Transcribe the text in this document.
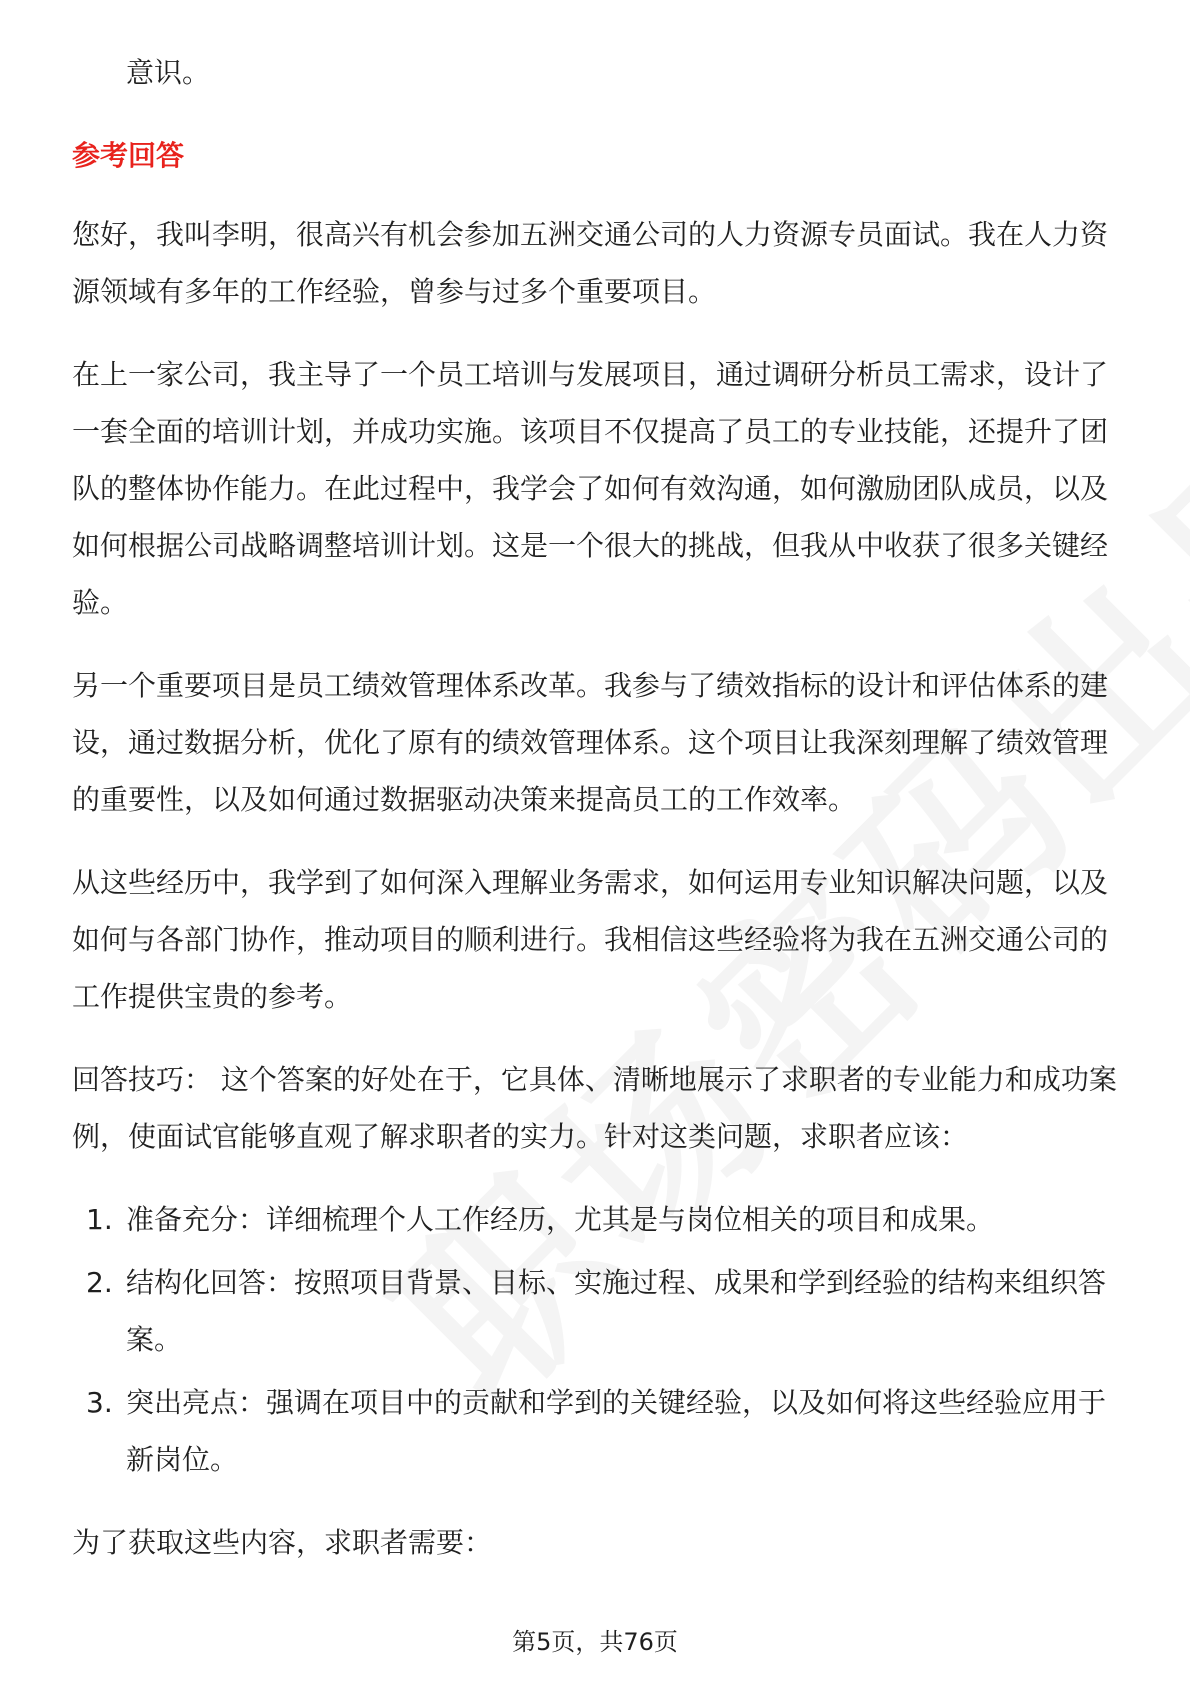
意识。

参考回答

您好，我叫李明，很高兴有机会参加五洲交通公司的人力资源专员面试。我在人力资源领域有多年的工作经验，曾参与过多个重要项目。

在上一家公司，我主导了一个员工培训与发展项目，通过调研分析员工需求，设计了一套全面的培训计划，并成功实施。该项目不仅提高了员工的专业技能，还提升了团队的整体协作能力。在此过程中，我学会了如何有效沟通，如何激励团队成员，以及如何根据公司战略调整培训计划。这是一个很大的挑战，但我从中收获了很多关键经验。

另一个重要项目是员工绩效管理体系改革。我参与了绩效指标的设计和评估体系的建设，通过数据分析，优化了原有的绩效管理体系。这个项目让我深刻理解了绩效管理的重要性，以及如何通过数据驱动决策来提高员工的工作效率。

从这些经历中，我学到了如何深入理解业务需求，如何运用专业知识解决问题，以及如何与各部门协作，推动项目的顺利进行。我相信这些经验将为我在五洲交通公司的工作提供宝贵的参考。

回答技巧： 这个答案的好处在于，它具体、清晰地展示了求职者的专业能力和成功案例，使面试官能够直观了解求职者的实力。针对这类问题，求职者应该：

1. 准备充分：详细梳理个人工作经历，尤其是与岗位相关的项目和成果。
2. 结构化回答：按照项目背景、目标、实施过程、成果和学到经验的结构来组织答案。
3. 突出亮点：强调在项目中的贡献和学到的关键经验，以及如何将这些经验应用于新岗位。

为了获取这些内容，求职者需要：

第5页，共76页
